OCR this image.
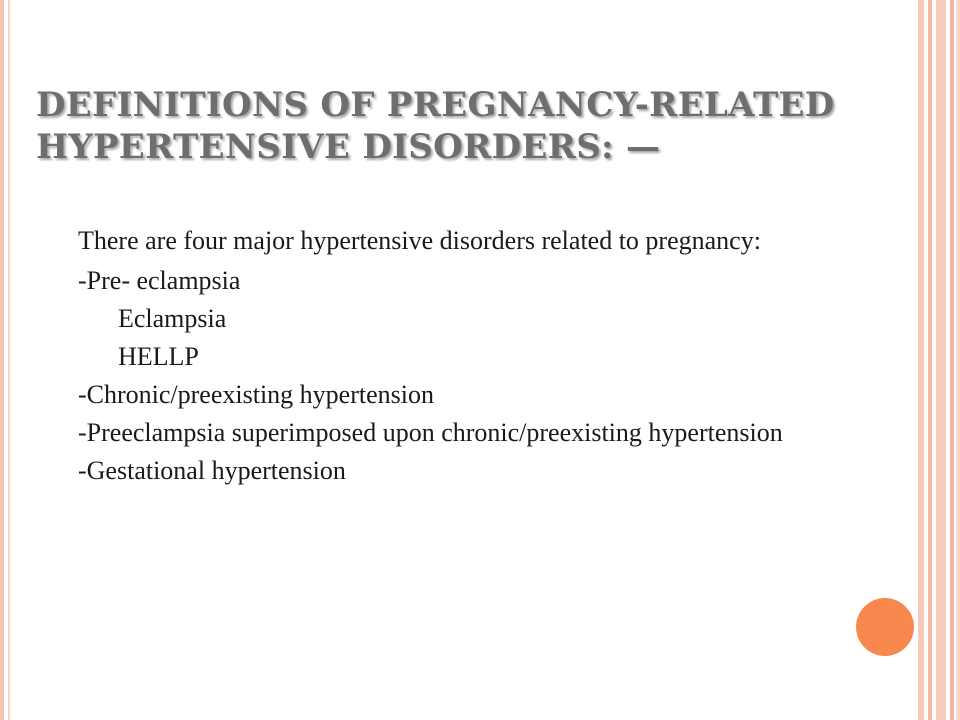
DEFINITIONS OF PREGNANCY-RELATED
HYPERTENSIVE DISORDERS: —
There are four major hypertensive disorders related to pregnancy:
-Pre- eclampsia
Eclampsia
HELLP
-Chronic/preexisting hypertension
-Preeclampsia superimposed upon chronic/preexisting hypertension
-Gestational hypertension
